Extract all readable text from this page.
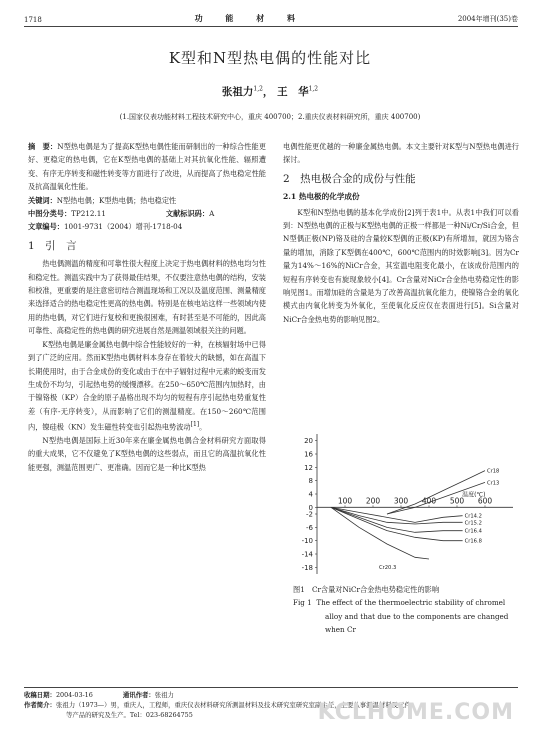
1718	功 能 材 料	2004年增刊(35)卷
K型和N型热电偶的性能对比
张祖力$^{1,2}$， 王　华$^{1,2}$
(1.国家仪表功能材料工程技术研究中心，重庆 400700；2.重庆仪表材料研究所，重庆 400700)

摘　要：N型热电偶是为了提高K型热电偶性能而研制出的一种综合性能更好、更稳定的热电偶，它在K型热电偶的基础上对其抗氧化性能、辐照遭变、有序无序转变和磁性转变等方面进行了改进，从而提高了热电稳定性能及抗高温氧化性能。

关键词：N型热电偶；K型热电偶；热电稳定性

中图分类号：TP212.11	文献标识码：A

文章编号：1001-9731（2004）增刊-1718-04

1　引　言

热电偶测温的精度和可靠性很大程度上决定于热电偶材料的热电均匀性和稳定性。测温实践中为了获得最佳结果，不仅要注意热电偶的结构，安装和校准，更重要的是注意密切结合测温现场和工况以及温度范围、测量精度来选择适合的热电稳定性更高的热电偶。特别是在核电站这样一些领域内使用的热电偶，对它们进行复校和更换很困难，有时甚至是不可能的，因此高可靠性、高稳定性的热电偶的研究进展自然是测温领域很关注的问题。

K型热电偶是廉金属热电偶中综合性能较好的一种，在核辐射场中已得到了广泛的应用。然而K型热电偶材料本身存在着较大的缺憾，如在高温下长期使用时，由于合金成份的变化或由于在中子辐射过程中元素的蜕变而发生成份不均匀，引起热电势的缓慢漂移。在250～650℃范围内加热时，由于镍铬极（KP）合金的原子晶格出现不均匀的短程有序引起热电势重复性差（有序-无序转变），从而影响了它们的测温精度。在150～260℃范围内，镍硅极（KN）发生磁性转变也引起热电势波动[1]。

N型热电偶是国际上近30年来在廉金属热电偶合金材料研究方面取得的重大成果，它不仅避免了K型热电偶的这些弱点，而且它的高温抗氧化性能更强，测温范围更广、更准确。因而它是一种比K型热

电偶性能更优越的一种廉金属热电偶。本文主要针对K型与N型热电偶进行探讨。

2　热电极合金的成份与性能
2.1 热电极的化学成份

K型和N型热电偶的基本化学成份[2]列于表1中。从表1中我们可以看到：N型热电偶的正极与K型热电偶的正极一样都是一种Ni/Cr/Si合金，但N型偶正极(NP)铬及硅的含量较K型偶的正极(KP)有所增加，就因为铬含量的增加，消除了K型偶在400℃，600℃范围内的时效影响[3]。因为Cr量为14%～16%的NiCr合金，其室温电阻变化最小，在该成份范围内的短程有序转变也有旋现象较小[4]。Cr含量对NiCr合金热电势稳定性的影响见图1。而增加硅的含量是为了改善高温抗氧化能力，使镍铬合金的氧化模式由内氧化转变为外氧化，至使氧化反应仅在表面进行[5]。Si含量对NiCr合金热电势的影响见图2。

20
16
12
8
4
0
-2
-6
-10
-14
-18
100 200 300 400 500 600
温度(℃)
Cr18
Cr13
Cr14.2
Cr15.2
Cr16.4
Cr16.8
Cr20.3
图1　Cr含量对NiCr合金热电势稳定性的影响
Fig 1 The effect of the thermoelectric stability of chromel alloy and that due to the components are changed when Cr
收稿日期：2004-03-16	通讯作者：张祖力
作者简介：张祖力（1973—）男，重庆人，工程师，重庆仪表材料研究所测温材料及技术研究室研究室副主任，主要从事测温材料及元件
等产品的研究及生产。Tel：023-68264755	KCLHOME.COM
